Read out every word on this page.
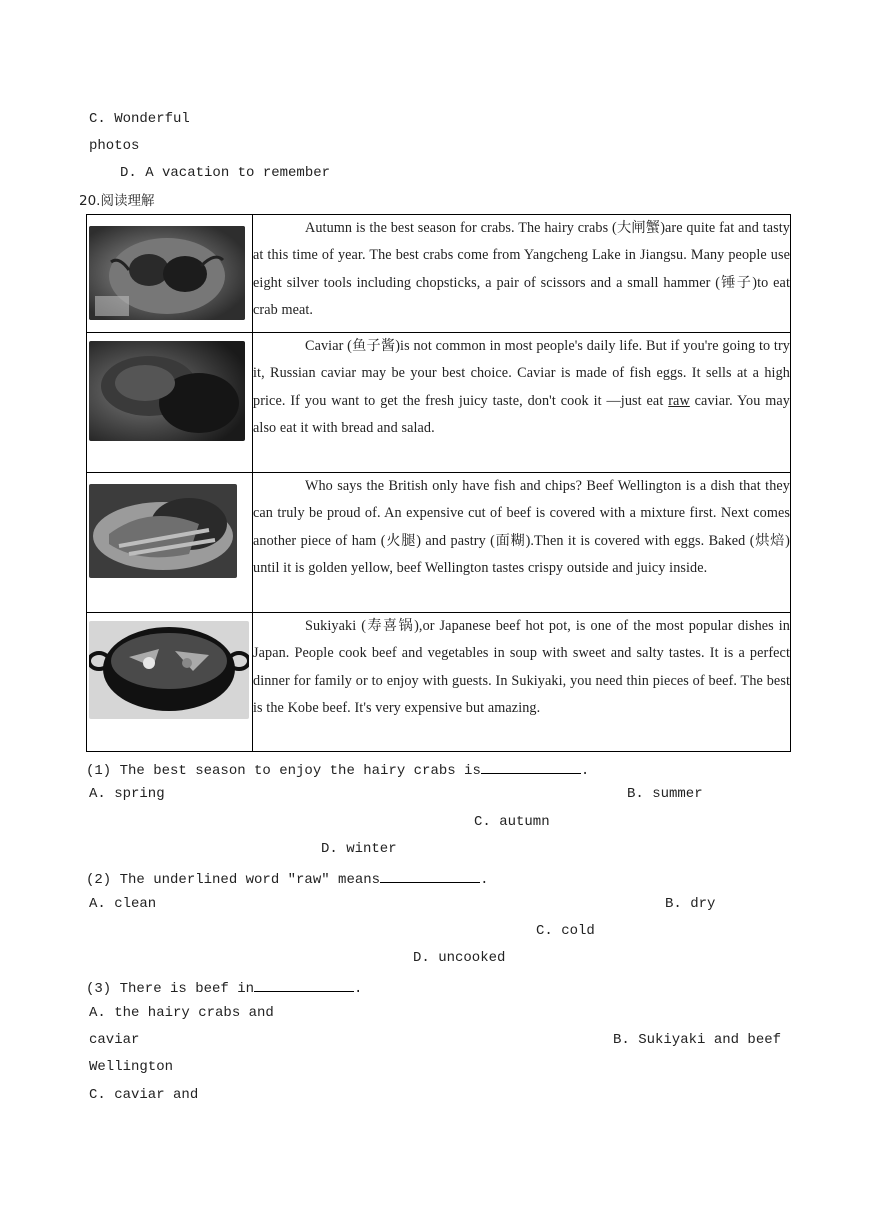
C. Wonderful
photos
D. A vacation to remember
20.阅读理解

Autumn is the best season for crabs. The hairy crabs (大闸蟹)are quite fat and tasty at this time of year. The best crabs come from Yangcheng Lake in Jiangsu. Many people use eight silver tools including chopsticks, a pair of scissors and a small hammer (锤子)to eat crab meat.

Caviar (鱼子酱)is not common in most people's daily life. But if you're going to try it, Russian caviar may be your best choice. Caviar is made of fish eggs. It sells at a high price. If you want to get the fresh juicy taste, don't cook it —just eat raw caviar. You may also eat it with bread and salad.

Who says the British only have fish and chips? Beef Wellington is a dish that they can truly be proud of. An expensive cut of beef is covered with a mixture first. Next comes another piece of ham (火腿) and pastry (面糊).Then it is covered with eggs. Baked (烘焙) until it is golden yellow, beef Wellington tastes crispy outside and juicy inside.

Sukiyaki (寿喜锅),or Japanese beef hot pot, is one of the most popular dishes in Japan. People cook beef and vegetables in soup with sweet and salty tastes. It is a perfect dinner for family or to enjoy with guests. In Sukiyaki, you need thin pieces of beef. The best is the Kobe beef. It's very expensive but amazing.
(1) The best season to enjoy the hairy crabs is	.
A. spring	B. summer
C. autumn
D. winter
(2) The underlined word "raw" means	.
A. clean	B. dry
C. cold
D. uncooked
(3) There is beef in	.
A. the hairy crabs and
caviar	B. Sukiyaki and beef
Wellington
C. caviar and
